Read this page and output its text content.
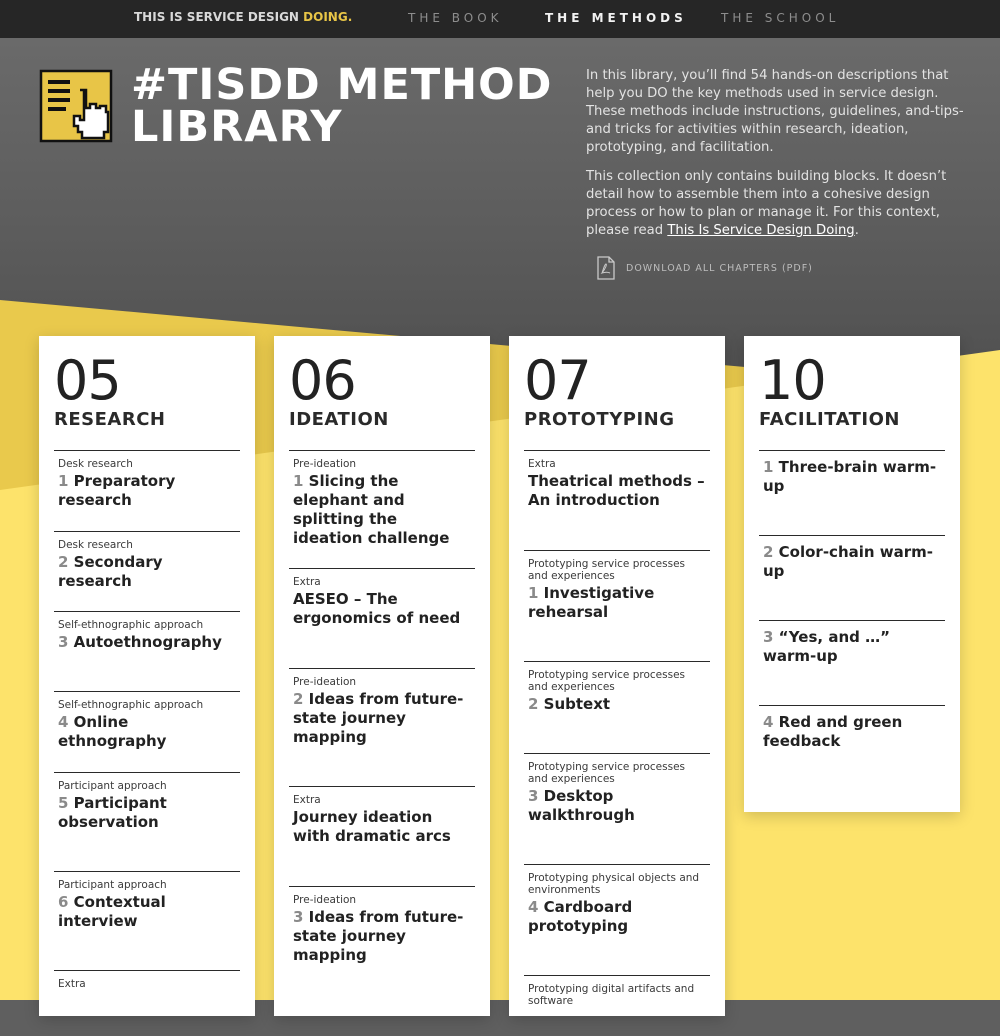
THIS IS SERVICE DESIGN DOING.	THE BOOK	THE METHODS	THE SCHOOL
#TISDD METHOD
LIBRARY

In this library, you’ll find 54 hands-on descriptions that help you DO the key methods used in service design. These methods include instructions, guidelines, and-tips-and tricks for activities within research, ideation, prototyping, and facilitation.

This collection only contains building blocks. It doesn’t detail how to assemble them into a cohesive design process or how to plan or manage it. For this context, please read This Is Service Design Doing.

DOWNLOAD ALL CHAPTERS (PDF)
05
RESEARCH
Desk research
1 Preparatory research
Desk research
2 Secondary research
Self-ethnographic approach
3 Autoethnography
Self-ethnographic approach
4 Online ethnography
Participant approach
5 Participant observation
Participant approach
6 Contextual interview
Extra
06
IDEATION
Pre-ideation
1 Slicing the elephant and splitting the ideation challenge
Extra
AESEO – The ergonomics of need
Pre-ideation
2 Ideas from future-state journey mapping
Extra
Journey ideation with dramatic arcs
Pre-ideation
3 Ideas from future-state journey mapping
07
PROTOTYPING
Extra
Theatrical methods – An introduction
Prototyping service processes and experiences
1 Investigative rehearsal
Prototyping service processes and experiences
2 Subtext
Prototyping service processes and experiences
3 Desktop walkthrough
Prototyping physical objects and environments
4 Cardboard prototyping
Prototyping digital artifacts and software
10
FACILITATION
1 Three-brain warm-up
2 Color-chain warm-up
3 “Yes, and …” warm-up
4 Red and green feedback
